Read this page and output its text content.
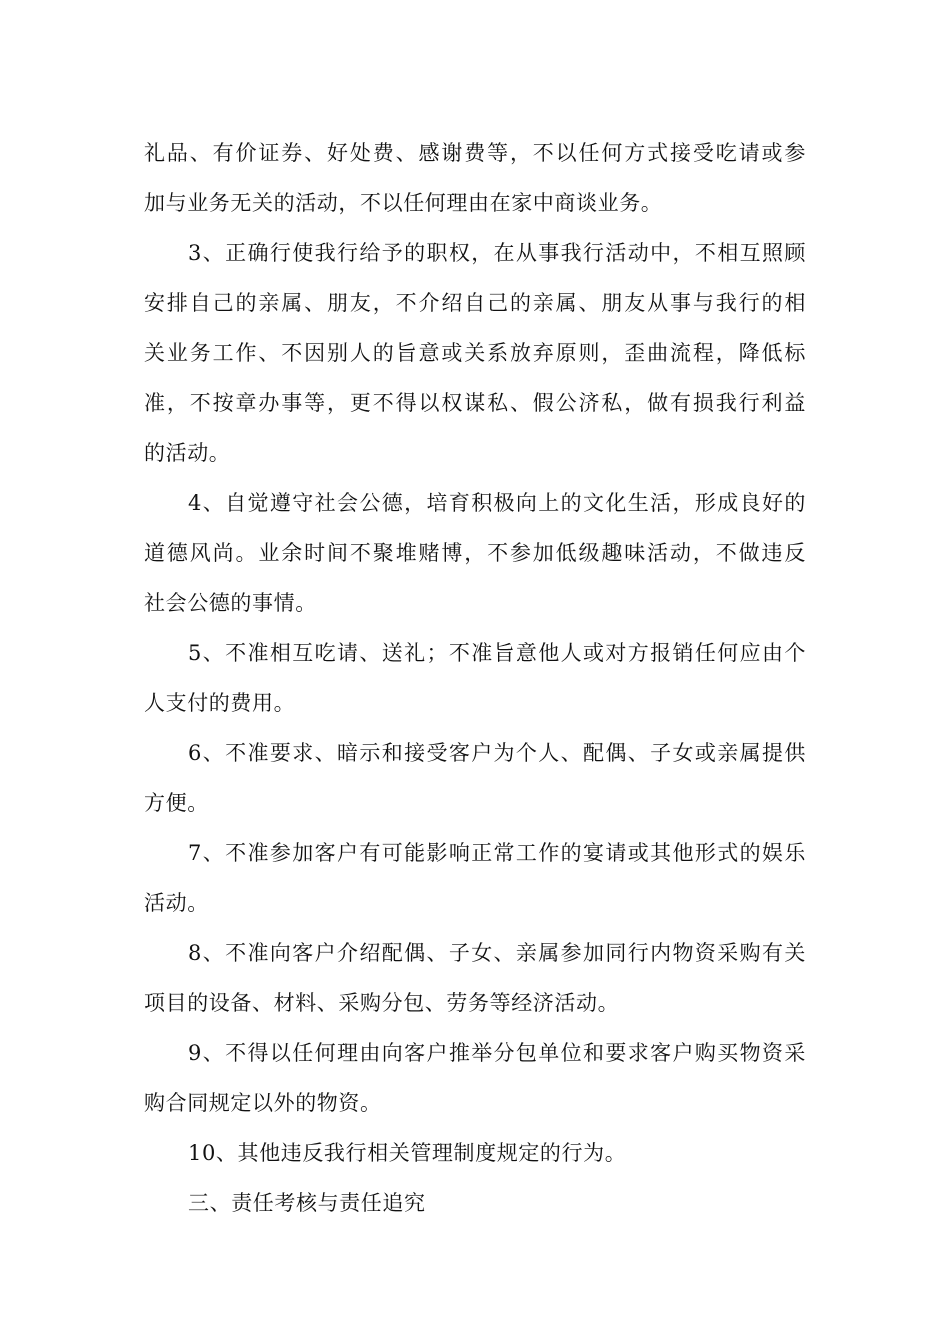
礼品、有价证券、好处费、感谢费等，不以任何方式接受吃请或参
加与业务无关的活动，不以任何理由在家中商谈业务。

3、正确行使我行给予的职权，在从事我行活动中，不相互照顾
安排自己的亲属、朋友，不介绍自己的亲属、朋友从事与我行的相
关业务工作、不因别人的旨意或关系放弃原则，歪曲流程，降低标
准，不按章办事等，更不得以权谋私、假公济私，做有损我行利益
的活动。

4、自觉遵守社会公德，培育积极向上的文化生活，形成良好的
道德风尚。业余时间不聚堆赌博，不参加低级趣味活动，不做违反
社会公德的事情。

5、不准相互吃请、送礼；不准旨意他人或对方报销任何应由个
人支付的费用。

6、不准要求、暗示和接受客户为个人、配偶、子女或亲属提供
方便。

7、不准参加客户有可能影响正常工作的宴请或其他形式的娱乐
活动。

8、不准向客户介绍配偶、子女、亲属参加同行内物资采购有关
项目的设备、材料、采购分包、劳务等经济活动。

9、不得以任何理由向客户推举分包单位和要求客户购买物资采
购合同规定以外的物资。

10、其他违反我行相关管理制度规定的行为。

三、责任考核与责任追究
